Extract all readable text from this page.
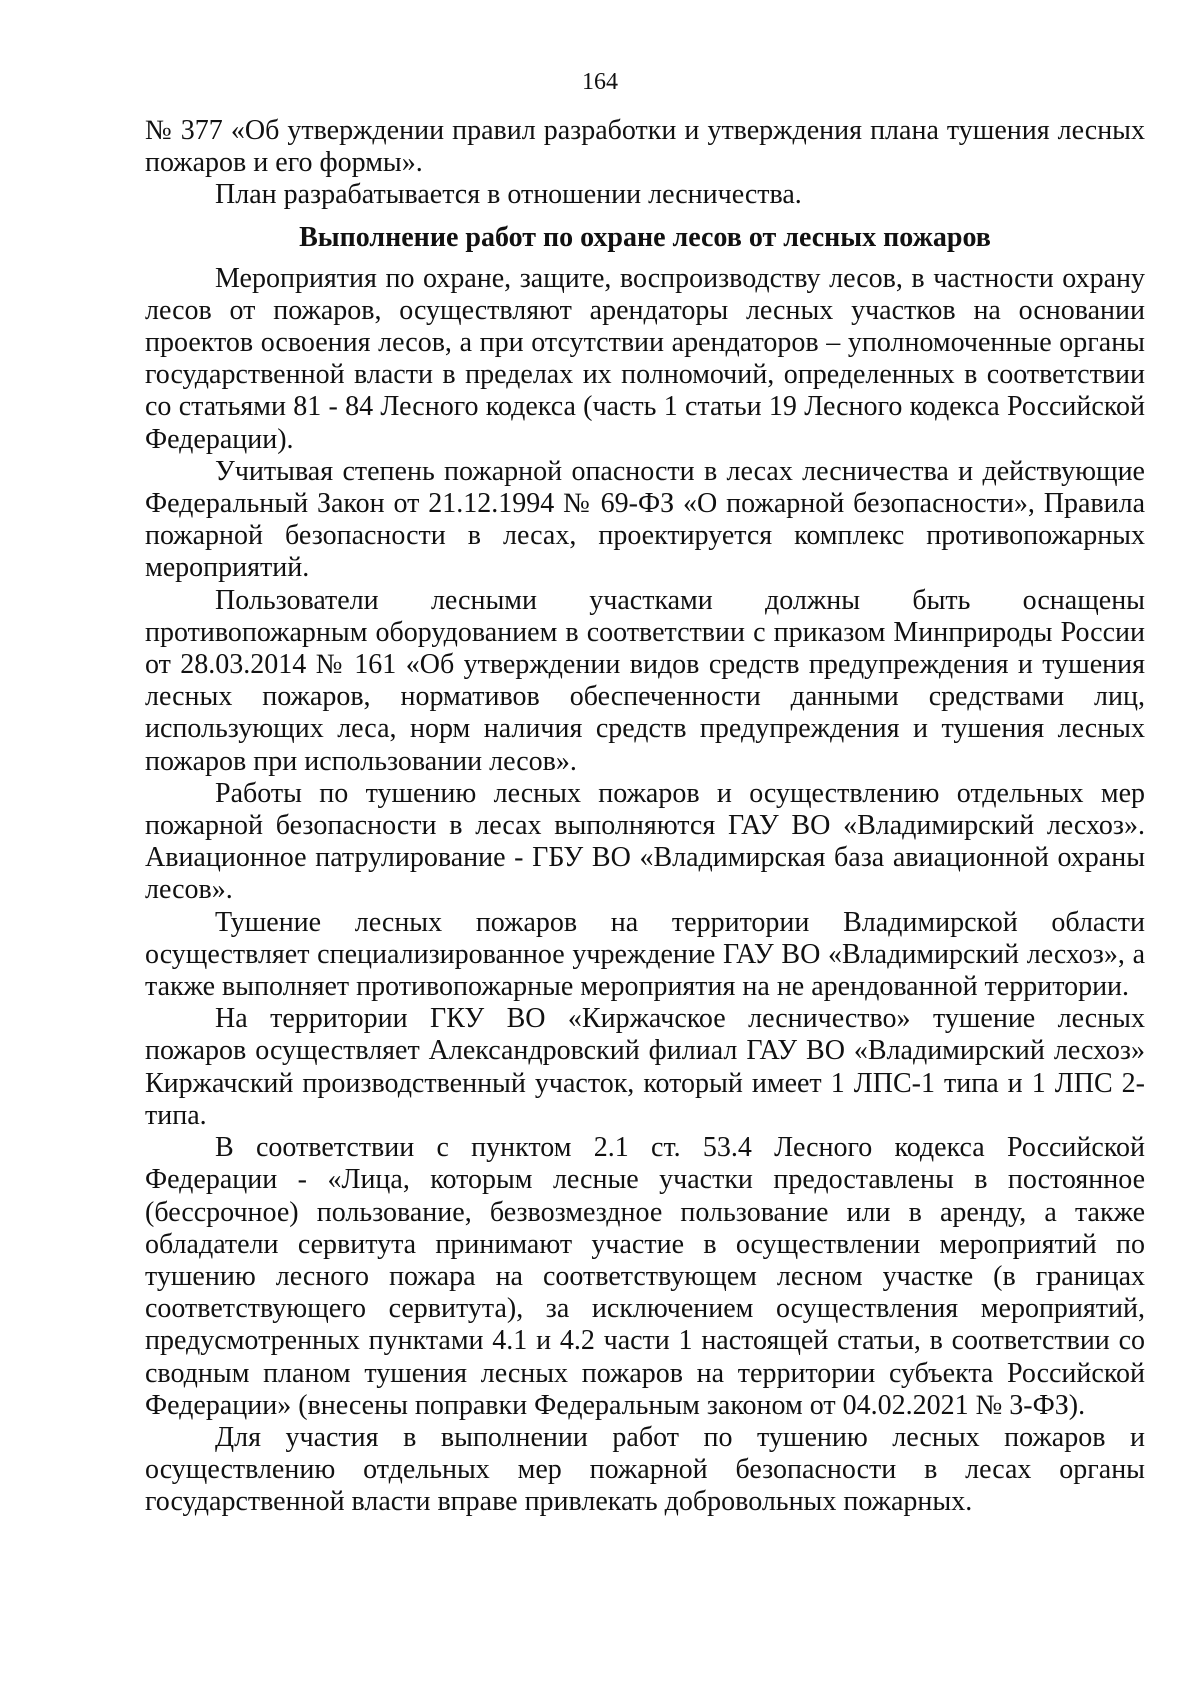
164

№ 377 «Об утверждении правил разработки и утверждения плана тушения лесных пожаров и его формы».

План разрабатывается в отношении лесничества.

Выполнение работ по охране лесов от лесных пожаров

Мероприятия по охране, защите, воспроизводству лесов, в частности охрану лесов от пожаров, осуществляют арендаторы лесных участков на основании проектов освоения лесов, а при отсутствии арендаторов – уполномоченные органы государственной власти в пределах их полномочий, определенных в соответствии со статьями 81 - 84 Лесного кодекса (часть 1 статьи 19 Лесного кодекса Российской Федерации).

Учитывая степень пожарной опасности в лесах лесничества и действующие Федеральный Закон от 21.12.1994 № 69-ФЗ «О пожарной безопасности», Правила пожарной безопасности в лесах, проектируется комплекс противопожарных мероприятий.

Пользователи лесными участками должны быть оснащены противопожарным оборудованием в соответствии с приказом Минприроды России от 28.03.2014 № 161 «Об утверждении видов средств предупреждения и тушения лесных пожаров, нормативов обеспеченности данными средствами лиц, использующих леса, норм наличия средств предупреждения и тушения лесных пожаров при использовании лесов».

Работы по тушению лесных пожаров и осуществлению отдельных мер пожарной безопасности в лесах выполняются ГАУ ВО «Владимирский лесхоз». Авиационное патрулирование - ГБУ ВО «Владимирская база авиационной охраны лесов».

Тушение лесных пожаров на территории Владимирской области осуществляет специализированное учреждение ГАУ ВО «Владимирский лесхоз», а также выполняет противопожарные мероприятия на не арендованной территории.

На территории ГКУ ВО «Киржачское лесничество» тушение лесных пожаров осуществляет Александровский филиал ГАУ ВО «Владимирский лесхоз» Киржачский производственный участок, который имеет 1 ЛПС-1 типа и 1 ЛПС 2-типа.

В соответствии с пунктом 2.1 ст. 53.4 Лесного кодекса Российской Федерации - «Лица, которым лесные участки предоставлены в постоянное (бессрочное) пользование, безвозмездное пользование или в аренду, а также обладатели сервитута принимают участие в осуществлении мероприятий по тушению лесного пожара на соответствующем лесном участке (в границах соответствующего сервитута), за исключением осуществления мероприятий, предусмотренных пунктами 4.1 и 4.2 части 1 настоящей статьи, в соответствии со сводным планом тушения лесных пожаров на территории субъекта Российской Федерации» (внесены поправки Федеральным законом от 04.02.2021 № 3-ФЗ).

Для участия в выполнении работ по тушению лесных пожаров и осуществлению отдельных мер пожарной безопасности в лесах органы государственной власти вправе привлекать добровольных пожарных.
